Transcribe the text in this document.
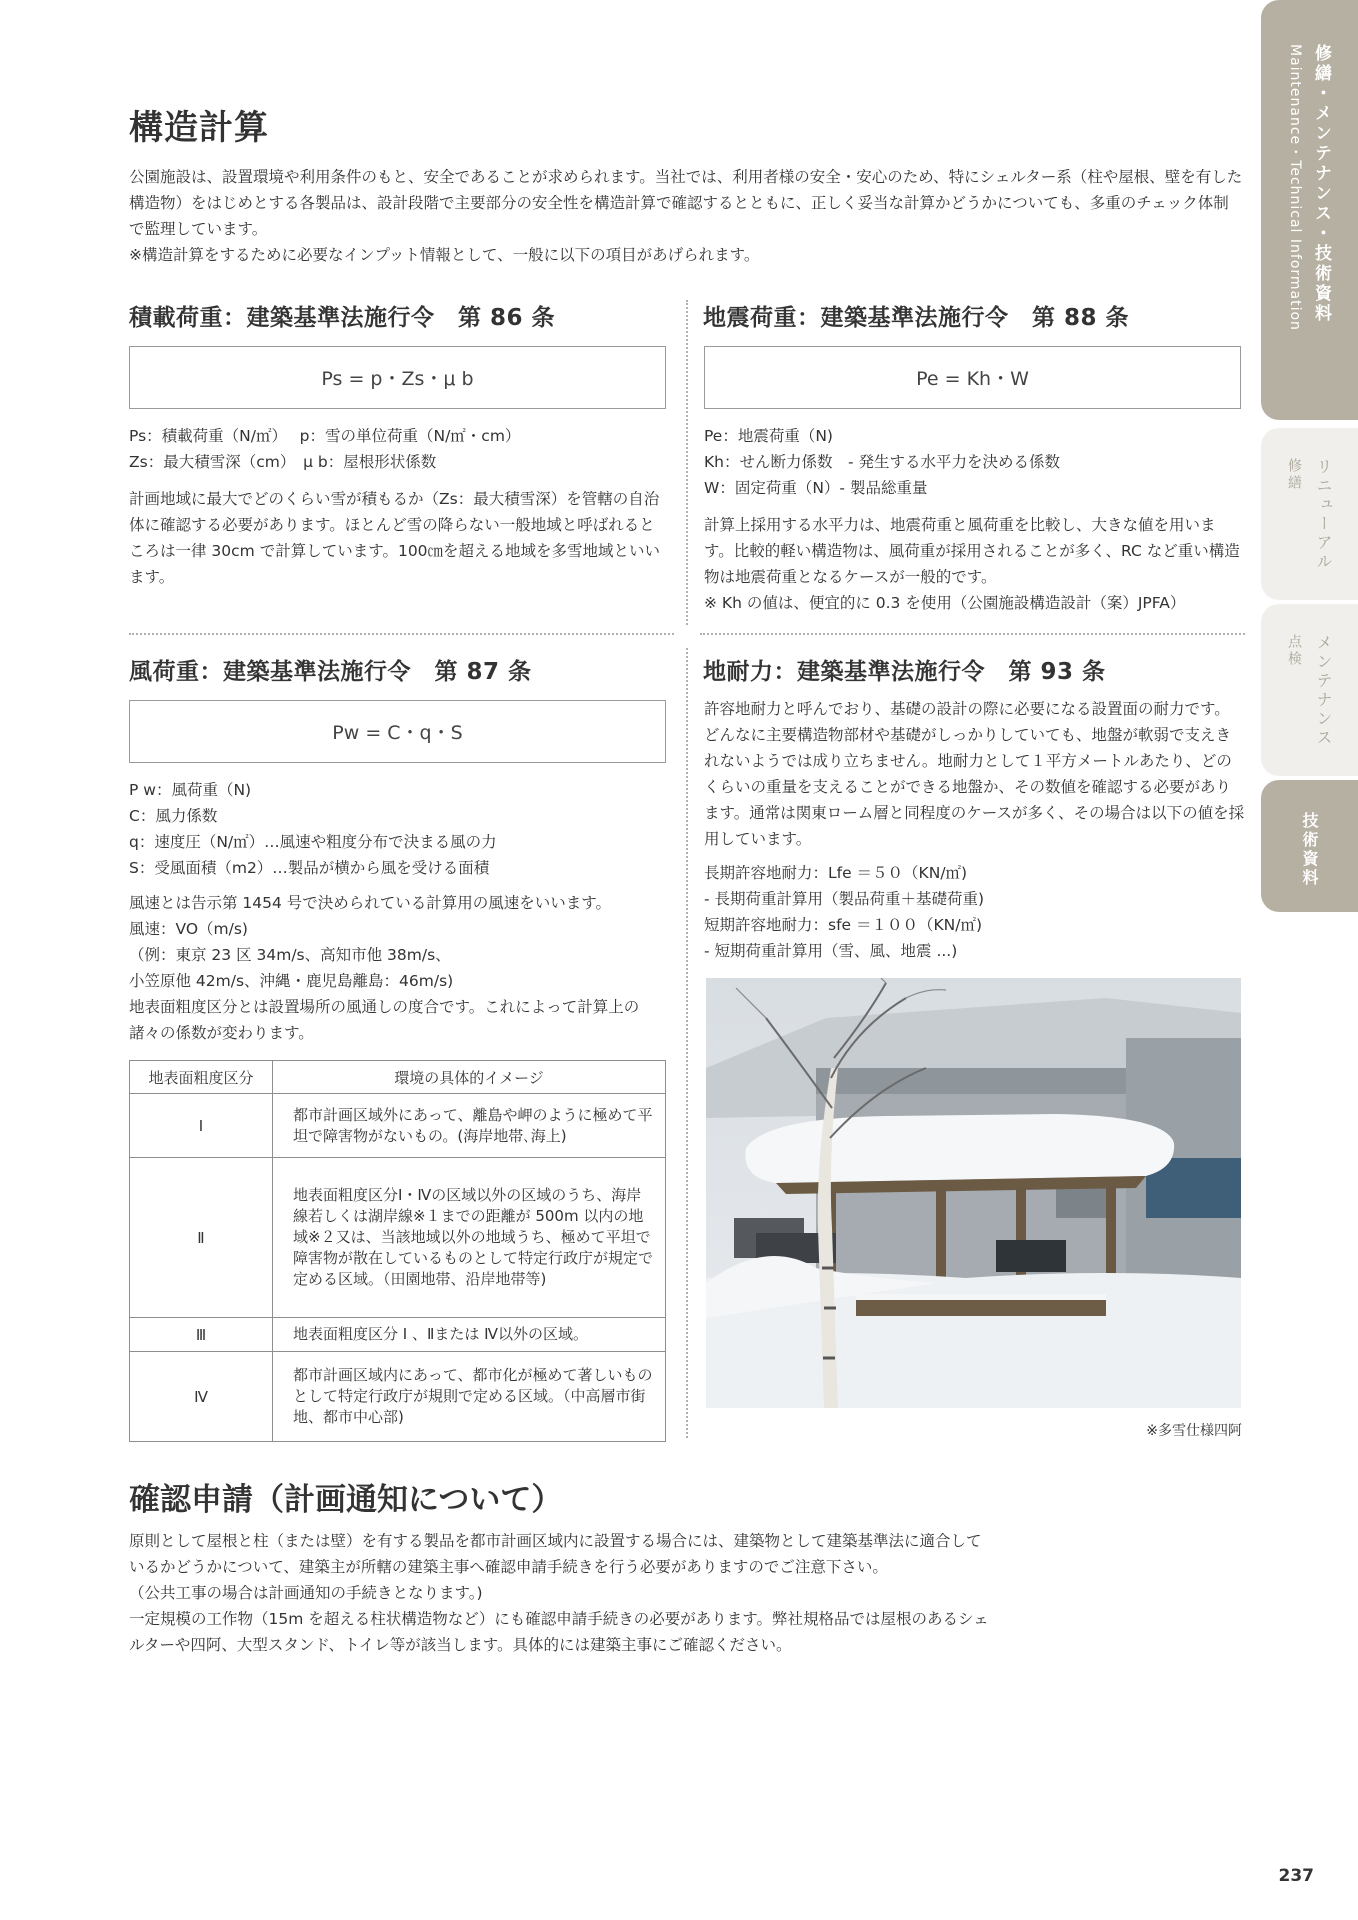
構造計算

公園施設は、設置環境や利用条件のもと、安全であることが求められます。当社では、利用者様の安全・安心のため、特にシェルター系（柱や屋根、壁を有した構造物）をはじめとする各製品は、設計段階で主要部分の安全性を構造計算で確認するとともに、正しく妥当な計算かどうかについても、多重のチェック体制で監理しています。

※構造計算をするために必要なインプット情報として、一般に以下の項目があげられます。

積載荷重：建築基準法施行令　第 86 条
Ps = p・Zs・μ b
Ps：積載荷重（N/㎡）　 p：雪の単位荷重（N/㎡・cm）
Zs：最大積雪深（cm）　μ b：屋根形状係数

計画地域に最大でどのくらい雪が積もるか（Zs：最大積雪深）を管轄の自治体に確認する必要があります。ほとんど雪の降らない一般地域と呼ばれるところは一律 30cm で計算しています。100㎝を超える地域を多雪地域といいます。

地震荷重：建築基準法施行令　第 88 条
Pe = Kh・W
Pe：地震荷重（N)
Kh：せん断力係数　- 発生する水平力を決める係数
W：固定荷重（N）- 製品総重量

計算上採用する水平力は、地震荷重と風荷重を比較し、大きな値を用います。比較的軽い構造物は、風荷重が採用されることが多く、RC など重い構造物は地震荷重となるケースが一般的です。

※ Kh の値は、便宜的に 0.3 を使用（公園施設構造設計（案）JPFA）

風荷重：建築基準法施行令　第 87 条
Pw = C・q・S
P w：風荷重（N)
C：風力係数
q：速度圧（N/㎡）…風速や粗度分布で決まる風の力
S：受風面積（m2）…製品が横から風を受ける面積

風速とは告示第 1454 号で決められている計算用の風速をいいます。

風速：VO（m/s)

（例：東京 23 区 34m/s、高知市他 38m/s、

小笠原他 42m/s、沖縄・鹿児島離島：46m/s)

地表面粗度区分とは設置場所の風通しの度合です。これによって計算上の諸々の係数が変わります。

地表面粗度区分	環境の具体的イメージ
Ⅰ	都市計画区域外にあって、離島や岬のように極めて平坦で障害物がないもの。(海岸地帯､海上)
Ⅱ	地表面粗度区分Ⅰ・Ⅳの区域以外の区域のうち、海岸線若しくは湖岸線※１までの距離が 500m 以内の地域※２又は、当該地域以外の地域うち、極めて平坦で障害物が散在しているものとして特定行政庁が規定で定める区域。（田園地帯、沿岸地帯等)
Ⅲ	地表面粗度区分 Ⅰ 、Ⅱまたは Ⅳ以外の区域。
Ⅳ	都市計画区域内にあって、都市化が極めて著しいものとして特定行政庁が規則で定める区域。（中高層市街地、都市中心部)
地耐力：建築基準法施行令　第 93 条

許容地耐力と呼んでおり、基礎の設計の際に必要になる設置面の耐力です。どんなに主要構造物部材や基礎がしっかりしていても、地盤が軟弱で支えきれないようでは成り立ちません。地耐力として１平方メートルあたり、どのくらいの重量を支えることができる地盤か、その数値を確認する必要があります。通常は関東ローム層と同程度のケースが多く、その場合は以下の値を採用しています。

長期許容地耐力：Lfe ＝５０（KN/㎡)
- 長期荷重計算用（製品荷重＋基礎荷重)
短期許容地耐力：sfe ＝１００（KN/㎡)
- 短期荷重計算用（雪、風、地震 ...)
※多雪仕様四阿
確認申請（計画通知について）

原則として屋根と柱（または壁）を有する製品を都市計画区域内に設置する場合には、建築物として建築基準法に適合しているかどうかについて、建築主が所轄の建築主事へ確認申請手続きを行う必要がありますのでご注意下さい。

（公共工事の場合は計画通知の手続きとなります。)

一定規模の工作物（15m を超える柱状構造物など）にも確認申請手続きの必要があります。弊社規格品では屋根のあるシェルターや四阿、大型スタンド、トイレ等が該当します。具体的には建築主事にご確認ください。

修繕・メンテナンス・技術資料
Maintenance・Technical Information
リニューアル
修繕
メンテナンス
点検
技術資料
237
